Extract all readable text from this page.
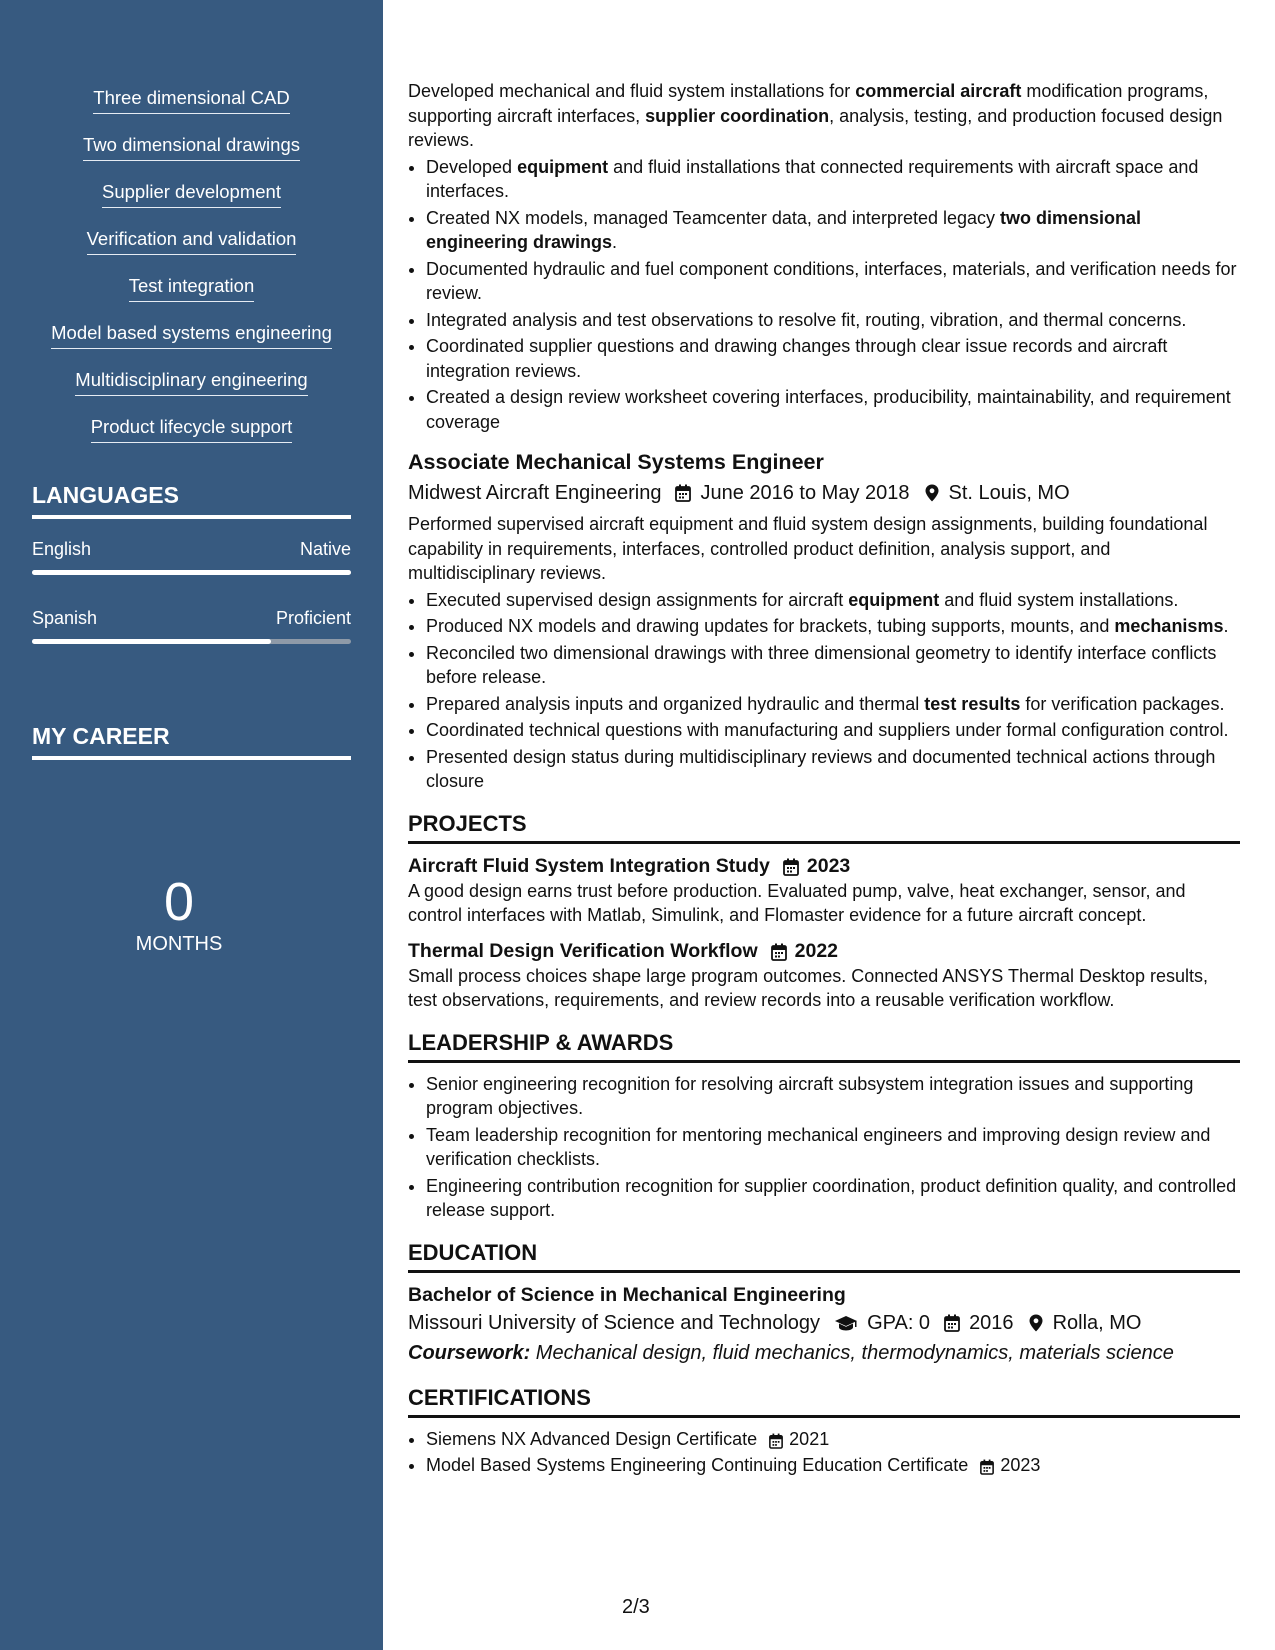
Three dimensional CAD
Two dimensional drawings
Supplier development
Verification and validation
Test integration
Model based systems engineering
Multidisciplinary engineering
Product lifecycle support
LANGUAGES
English	Native
Spanish	Proficient
MY CAREER
0
MONTHS

Developed mechanical and fluid system installations for commercial aircraft modification programs, supporting aircraft interfaces, supplier coordination, analysis, testing, and production focused design reviews.

• Developed equipment and fluid installations that connected requirements with aircraft space and interfaces.
• Created NX models, managed Teamcenter data, and interpreted legacy two dimensional engineering drawings.
• Documented hydraulic and fuel component conditions, interfaces, materials, and verification needs for review.
• Integrated analysis and test observations to resolve fit, routing, vibration, and thermal concerns.
• Coordinated supplier questions and drawing changes through clear issue records and aircraft integration reviews.
• Created a design review worksheet covering interfaces, producibility, maintainability, and requirement coverage
Associate Mechanical Systems Engineer
Midwest Aircraft Engineering June 2016 to May 2018 St. Louis, MO

Performed supervised aircraft equipment and fluid system design assignments, building foundational capability in requirements, interfaces, controlled product definition, analysis support, and multidisciplinary reviews.

• Executed supervised design assignments for aircraft equipment and fluid system installations.
• Produced NX models and drawing updates for brackets, tubing supports, mounts, and mechanisms.
• Reconciled two dimensional drawings with three dimensional geometry to identify interface conflicts before release.
• Prepared analysis inputs and organized hydraulic and thermal test results for verification packages.
• Coordinated technical questions with manufacturing and suppliers under formal configuration control.
• Presented design status during multidisciplinary reviews and documented technical actions through closure
PROJECTS
Aircraft Fluid System Integration Study 2023

A good design earns trust before production. Evaluated pump, valve, heat exchanger, sensor, and control interfaces with Matlab, Simulink, and Flomaster evidence for a future aircraft concept.

Thermal Design Verification Workflow 2022

Small process choices shape large program outcomes. Connected ANSYS Thermal Desktop results, test observations, requirements, and review records into a reusable verification workflow.

LEADERSHIP & AWARDS
• Senior engineering recognition for resolving aircraft subsystem integration issues and supporting program objectives.
• Team leadership recognition for mentoring mechanical engineers and improving design review and verification checklists.
• Engineering contribution recognition for supplier coordination, product definition quality, and controlled release support.
EDUCATION
Bachelor of Science in Mechanical Engineering
Missouri University of Science and Technology GPA: 0 2016 Rolla, MO
Coursework: Mechanical design, fluid mechanics, thermodynamics, materials science
CERTIFICATIONS
• Siemens NX Advanced Design Certificate 2021
• Model Based Systems Engineering Continuing Education Certificate 2023
2/3
